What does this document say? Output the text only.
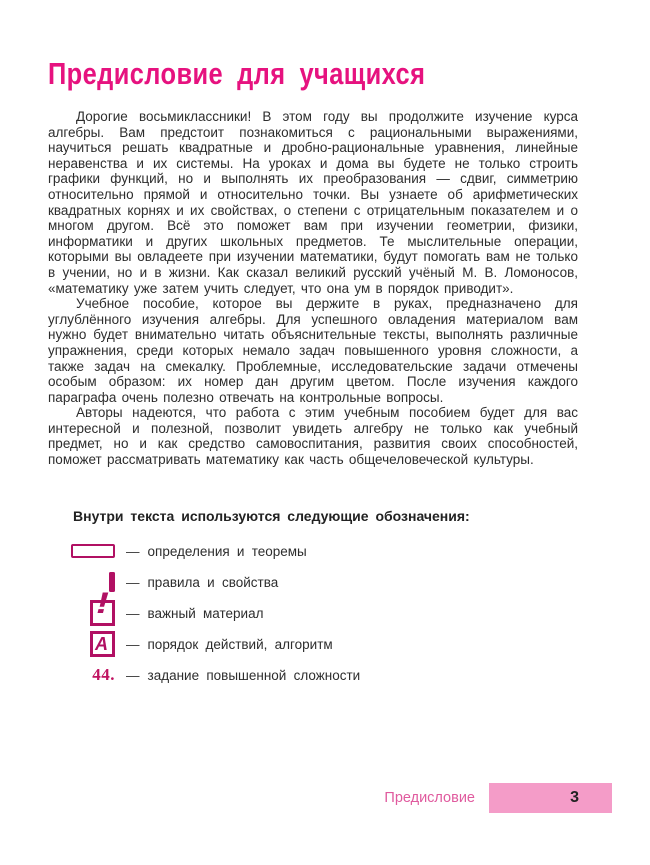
Предисловие для учащихся

Дорогие восьмиклассники! В этом году вы продолжите изучение курса алгебры. Вам предстоит познакомиться с рациональными выражениями, научиться решать квадратные и дробно-рациональные уравнения, линейные неравенства и их системы. На уроках и дома вы будете не только строить графики функций, но и выполнять их преобразования — сдвиг, симметрию относительно прямой и относительно точки. Вы узнаете об арифметических квадратных корнях и их свойствах, о степени с отрицательным показателем и о многом другом. Всё это поможет вам при изучении геометрии, физики, информатики и других школьных предметов. Те мыслительные операции, которыми вы овладеете при изучении математики, будут помогать вам не только в учении, но и в жизни. Как сказал великий русский учёный М. В. Ломоносов, «математику уже затем учить следует, что она ум в порядок приводит».

Учебное пособие, которое вы держите в руках, предназначено для углублённого изучения алгебры. Для успешного овладения материалом вам нужно будет внимательно читать объяснительные тексты, выполнять различные упражнения, среди которых немало задач повышенного уровня сложности, а также задач на смекалку. Проблемные, исследовательские задачи отмечены особым образом: их номер дан другим цветом. После изучения каждого параграфа очень полезно отвечать на контрольные вопросы.

Авторы надеются, что работа с этим учебным пособием будет для вас интересной и полезной, позволит увидеть алгебру не только как учебный предмет, но и как средство самовоспитания, развития своих способностей, поможет рассматривать математику как часть общечеловеческой культуры.

Внутри текста используются следующие обозначения:

— определения и теоремы
— правила и свойства
! — важный материал
A — порядок действий, алгоритм
44. — задание повышенной сложности
Предисловие	3
